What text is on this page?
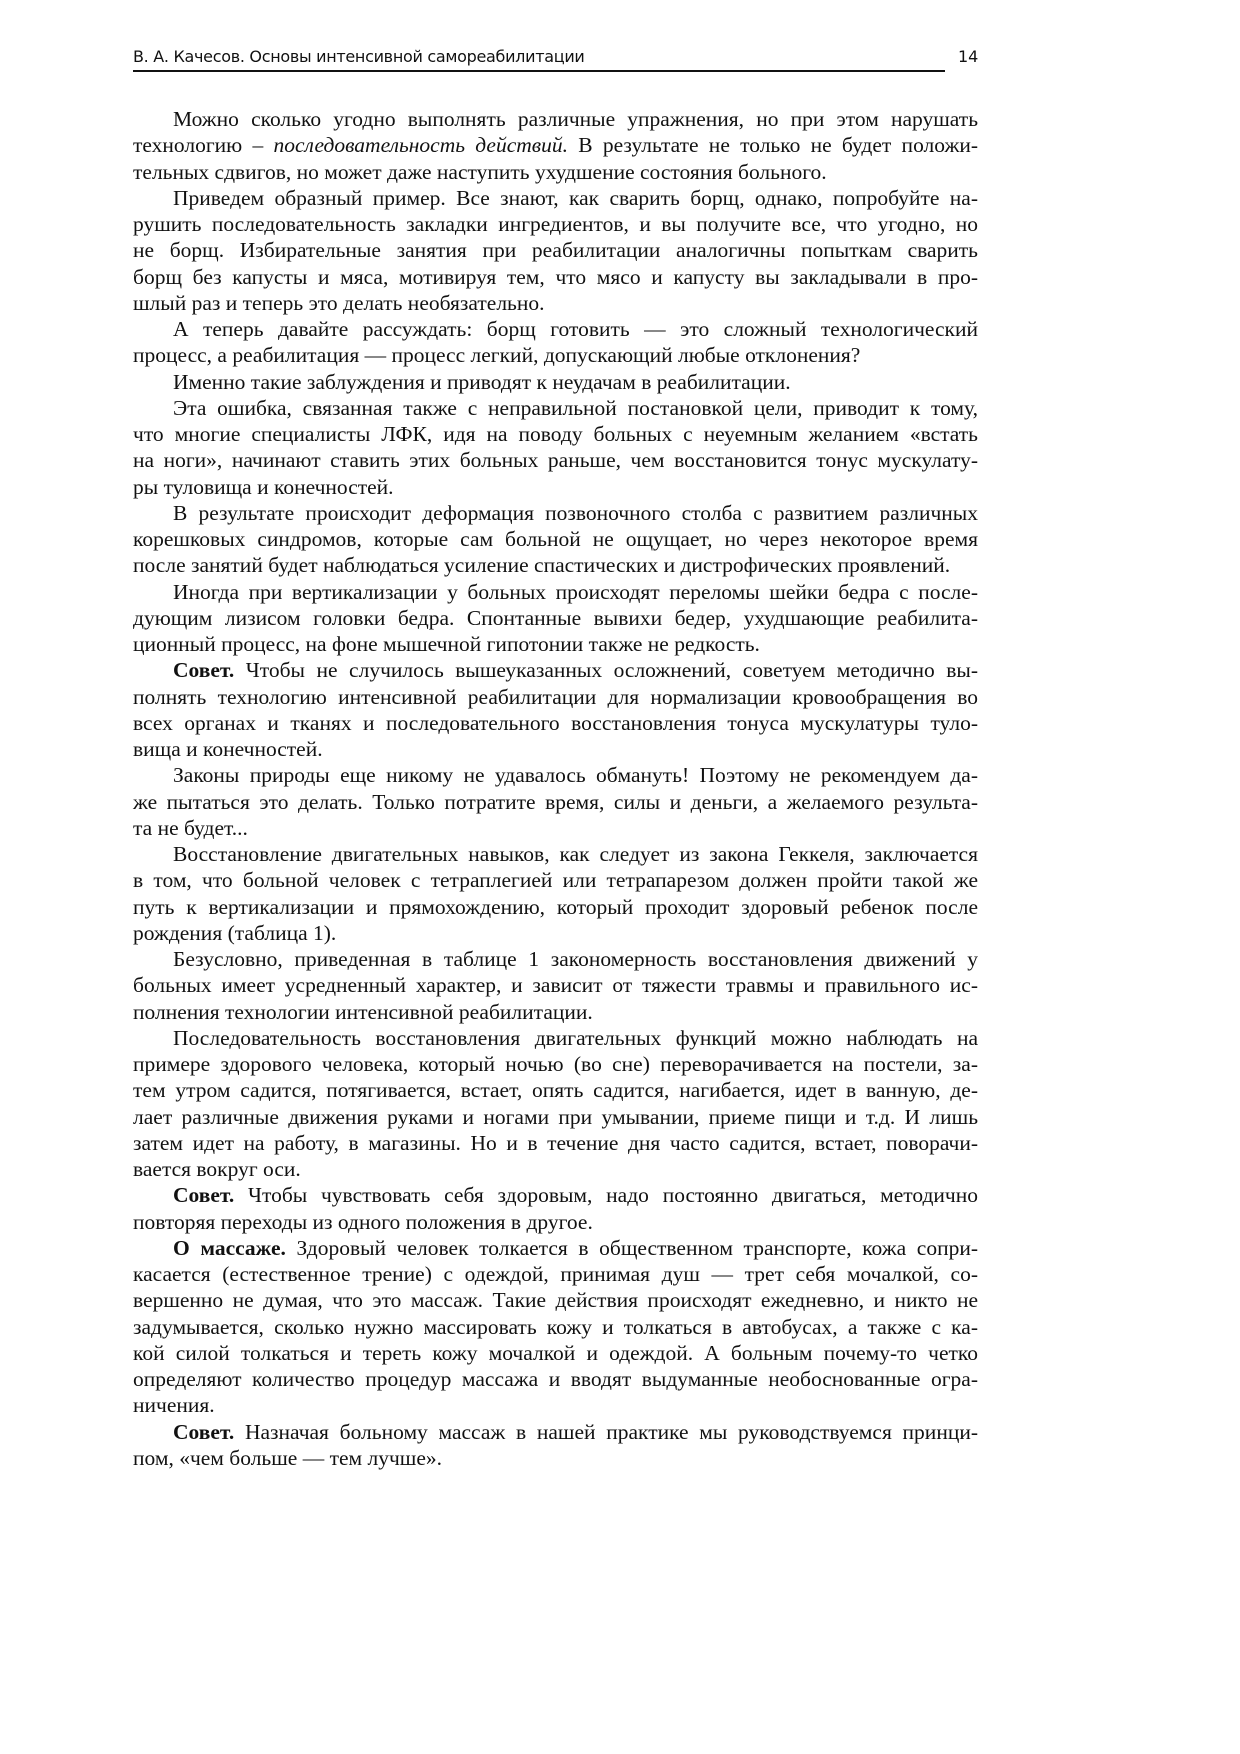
В. А. Качесов. Основы интенсивной самореабилитации	14
Можно сколько угодно выполнять различные упражнения, но при этом нарушать
технологию – последовательность действий. В результате не только не будет положи-
тельных сдвигов, но может даже наступить ухудшение состояния больного.
Приведем образный пример. Все знают, как сварить борщ, однако, попробуйте на-
рушить последовательность закладки ингредиентов, и вы получите все, что угодно, но
не борщ. Избирательные занятия при реабилитации аналогичны попыткам сварить
борщ без капусты и мяса, мотивируя тем, что мясо и капусту вы закладывали в про-
шлый раз и теперь это делать необязательно.
А теперь давайте рассуждать: борщ готовить — это сложный технологический
процесс, а реабилитация — процесс легкий, допускающий любые отклонения?
Именно такие заблуждения и приводят к неудачам в реабилитации.
Эта ошибка, связанная также с неправильной постановкой цели, приводит к тому,
что многие специалисты ЛФК, идя на поводу больных с неуемным желанием «встать
на ноги», начинают ставить этих больных раньше, чем восстановится тонус мускулату-
ры туловища и конечностей.
В результате происходит деформация позвоночного столба с развитием различных
корешковых синдромов, которые сам больной не ощущает, но через некоторое время
после занятий будет наблюдаться усиление спастических и дистрофических проявлений.
Иногда при вертикализации у больных происходят переломы шейки бедра с после-
дующим лизисом головки бедра. Спонтанные вывихи бедер, ухудшающие реабилита-
ционный процесс, на фоне мышечной гипотонии также не редкость.
Совет. Чтобы не случилось вышеуказанных осложнений, советуем методично вы-
полнять технологию интенсивной реабилитации для нормализации кровообращения во
всех органах и тканях и последовательного восстановления тонуса мускулатуры туло-
вища и конечностей.
Законы природы еще никому не удавалось обмануть! Поэтому не рекомендуем да-
же пытаться это делать. Только потратите время, силы и деньги, а желаемого результа-
та не будет...
Восстановление двигательных навыков, как следует из закона Геккеля, заключается
в том, что больной человек с тетраплегией или тетрапарезом должен пройти такой же
путь к вертикализации и прямохождению, который проходит здоровый ребенок после
рождения (таблица 1).
Безусловно, приведенная в таблице 1 закономерность восстановления движений у
больных имеет усредненный характер, и зависит от тяжести травмы и правильного ис-
полнения технологии интенсивной реабилитации.
Последовательность восстановления двигательных функций можно наблюдать на
примере здорового человека, который ночью (во сне) переворачивается на постели, за-
тем утром садится, потягивается, встает, опять садится, нагибается, идет в ванную, де-
лает различные движения руками и ногами при умывании, приеме пищи и т.д. И лишь
затем идет на работу, в магазины. Но и в течение дня часто садится, встает, поворачи-
вается вокруг оси.
Совет. Чтобы чувствовать себя здоровым, надо постоянно двигаться, методично
повторяя переходы из одного положения в другое.
О массаже. Здоровый человек толкается в общественном транспорте, кожа сопри-
касается (естественное трение) с одеждой, принимая душ — трет себя мочалкой, со-
вершенно не думая, что это массаж. Такие действия происходят ежедневно, и никто не
задумывается, сколько нужно массировать кожу и толкаться в автобусах, а также с ка-
кой силой толкаться и тереть кожу мочалкой и одеждой. А больным почему-то четко
определяют количество процедур массажа и вводят выдуманные необоснованные огра-
ничения.
Совет. Назначая больному массаж в нашей практике мы руководствуемся принци-
пом, «чем больше — тем лучше».
